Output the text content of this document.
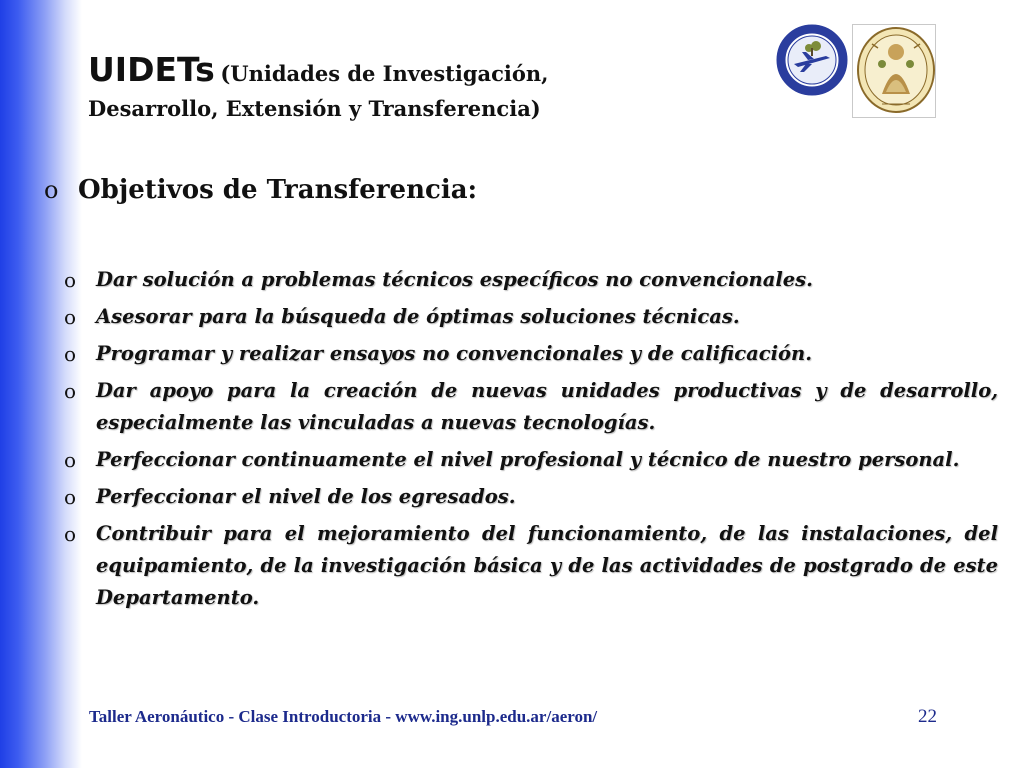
UIDETs (Unidades de Investigación,
Desarrollo, Extensión y Transferencia)
o Objetivos de Transferencia:
o Dar solución a problemas técnicos específicos no convencionales.
o Asesorar para la búsqueda de óptimas soluciones técnicas.
o Programar y realizar ensayos no convencionales y de calificación.
o Dar apoyo para la creación de nuevas unidades productivas y de desarrollo, especialmente las vinculadas a nuevas tecnologías.
o Perfeccionar continuamente el nivel profesional y técnico de nuestro personal.
o Perfeccionar el nivel de los egresados.
o Contribuir para el mejoramiento del funcionamiento, de las instalaciones, del equipamiento, de la investigación básica y de las actividades de postgrado de este Departamento.
Taller Aeronáutico - Clase Introductoria - www.ing.unlp.edu.ar/aeron/	22
